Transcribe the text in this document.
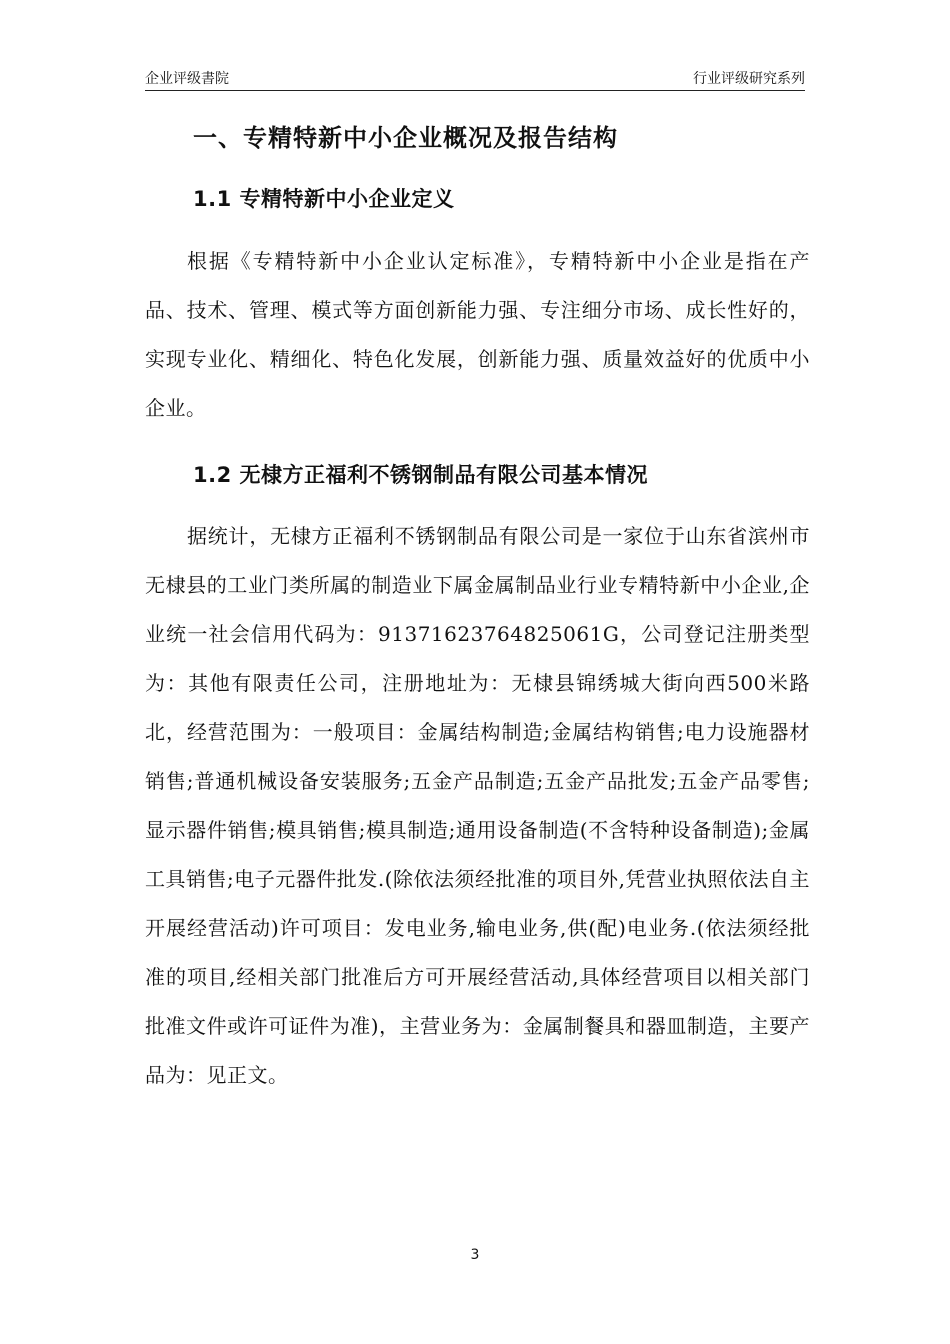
企业评级書院	行业评级研究系列
一、专精特新中小企业概况及报告结构
1.1 专精特新中小企业定义

根据《专精特新中小企业认定标准》，专精特新中小企业是指在产品、技术、管理、模式等方面创新能力强、专注细分市场、成长性好的，实现专业化、精细化、特色化发展，创新能力强、质量效益好的优质中小企业。

1.2 无棣方正福利不锈钢制品有限公司基本情况

据统计，无棣方正福利不锈钢制品有限公司是一家位于山东省滨州市无棣县的工业门类所属的制造业下属金属制品业行业专精特新中小企业,企业统一社会信用代码为：91371623764825061G，公司登记注册类型为：其他有限责任公司，注册地址为：无棣县锦绣城大街向西500米路北，经营范围为：一般项目：金属结构制造;金属结构销售;电力设施器材销售;普通机械设备安装服务;五金产品制造;五金产品批发;五金产品零售;显示器件销售;模具销售;模具制造;通用设备制造(不含特种设备制造);金属工具销售;电子元器件批发.(除依法须经批准的项目外,凭营业执照依法自主开展经营活动)许可项目：发电业务,输电业务,供(配)电业务.(依法须经批准的项目,经相关部门批准后方可开展经营活动,具体经营项目以相关部门批准文件或许可证件为准)，主营业务为：金属制餐具和器皿制造，主要产品为：见正文。

3
